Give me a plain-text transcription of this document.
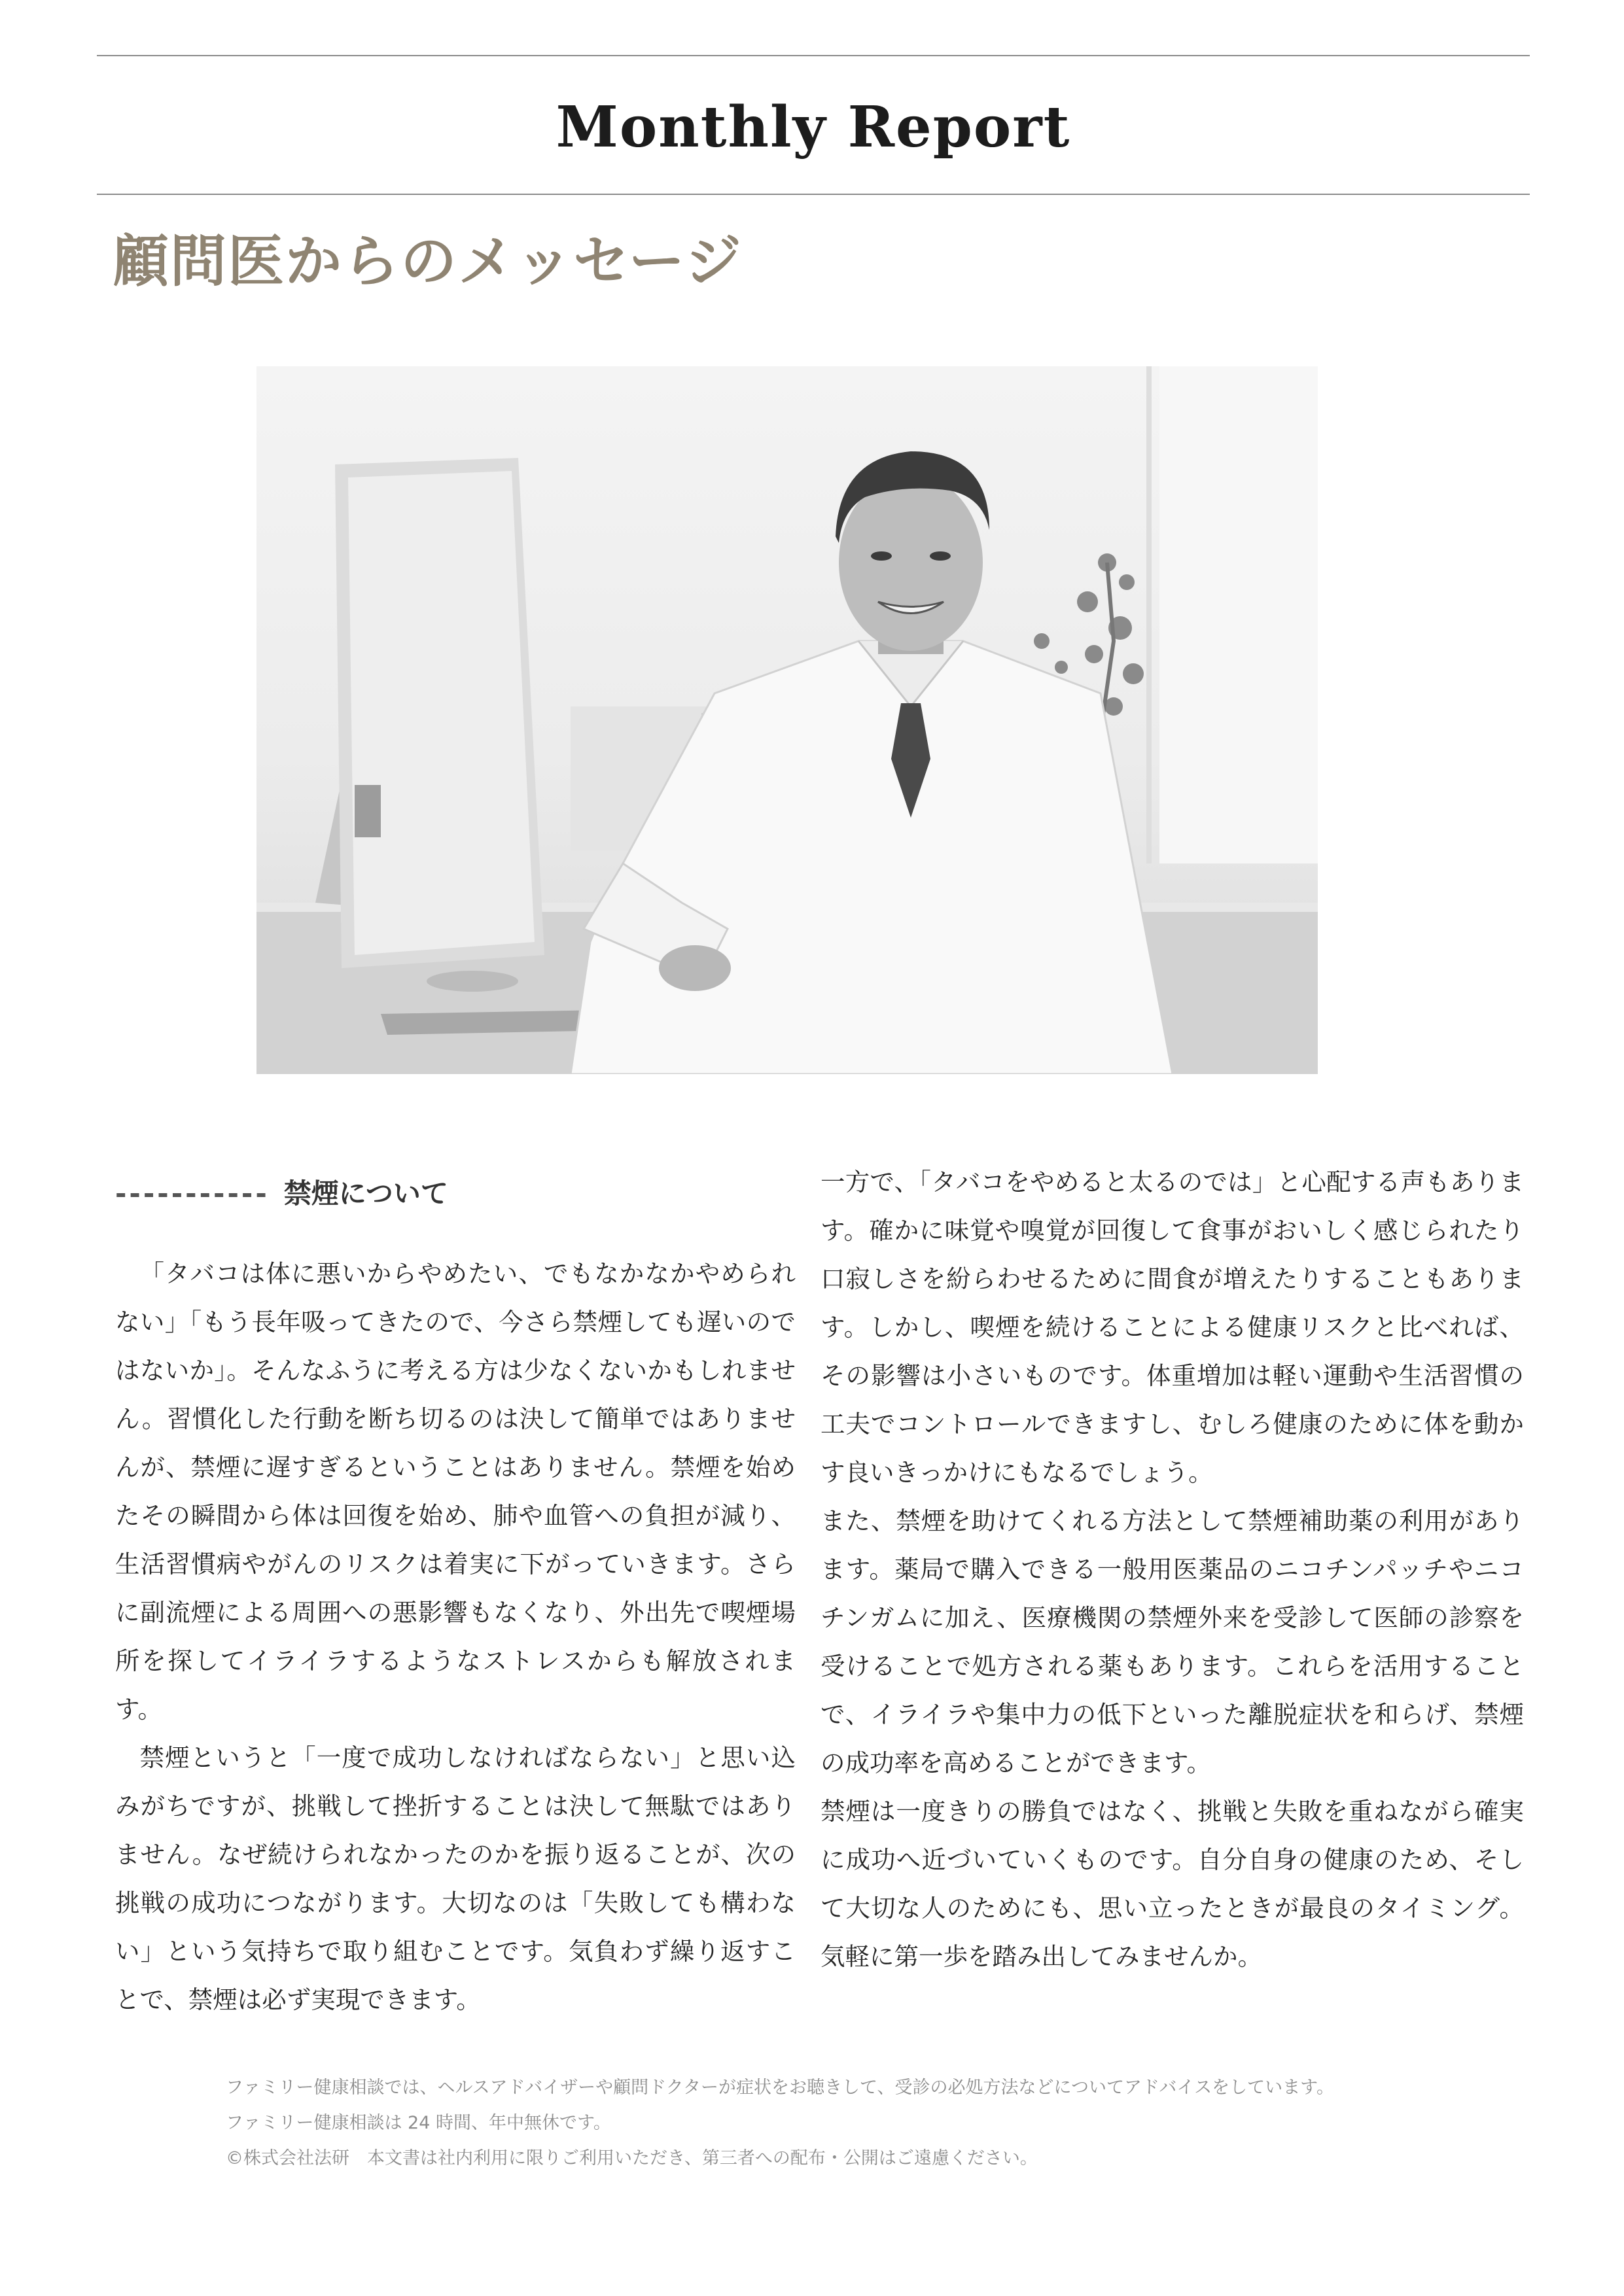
Monthly Report
顧問医からのメッセージ
----------- 禁煙について

「タバコは体に悪いからやめたい、でもなかなかやめられない」「もう長年吸ってきたので、今さら禁煙しても遅いのではないか」。そんなふうに考える方は少なくないかもしれません。習慣化した行動を断ち切るのは決して簡単ではありませんが、禁煙に遅すぎるということはありません。禁煙を始めたその瞬間から体は回復を始め、肺や血管への負担が減り、生活習慣病やがんのリスクは着実に下がっていきます。さらに副流煙による周囲への悪影響もなくなり、外出先で喫煙場所を探してイライラするようなストレスからも解放されます。

禁煙というと「一度で成功しなければならない」と思い込みがちですが、挑戦して挫折することは決して無駄ではありません。なぜ続けられなかったのかを振り返ることが、次の挑戦の成功につながります。大切なのは「失敗しても構わない」という気持ちで取り組むことです。気負わず繰り返すことで、禁煙は必ず実現できます。

一方で、「タバコをやめると太るのでは」と心配する声もあります。確かに味覚や嗅覚が回復して食事がおいしく感じられたり口寂しさを紛らわせるために間食が増えたりすることもあります。しかし、喫煙を続けることによる健康リスクと比べれば、その影響は小さいものです。体重増加は軽い運動や生活習慣の工夫でコントロールできますし、むしろ健康のために体を動かす良いきっかけにもなるでしょう。

また、禁煙を助けてくれる方法として禁煙補助薬の利用があります。薬局で購入できる一般用医薬品のニコチンパッチやニコチンガムに加え、医療機関の禁煙外来を受診して医師の診察を受けることで処方される薬もあります。これらを活用することで、イライラや集中力の低下といった離脱症状を和らげ、禁煙の成功率を高めることができます。

禁煙は一度きりの勝負ではなく、挑戦と失敗を重ねながら確実に成功へ近づいていくものです。自分自身の健康のため、そして大切な人のためにも、思い立ったときが最良のタイミング。気軽に第一歩を踏み出してみませんか。

ファミリー健康相談では、ヘルスアドバイザーや顧問ドクターが症状をお聴きして、受診の必処方法などについてアドバイスをしています。
ファミリー健康相談は 24 時間、年中無休です。
©株式会社法研　本文書は社内利用に限りご利用いただき、第三者への配布・公開はご遠慮ください。
